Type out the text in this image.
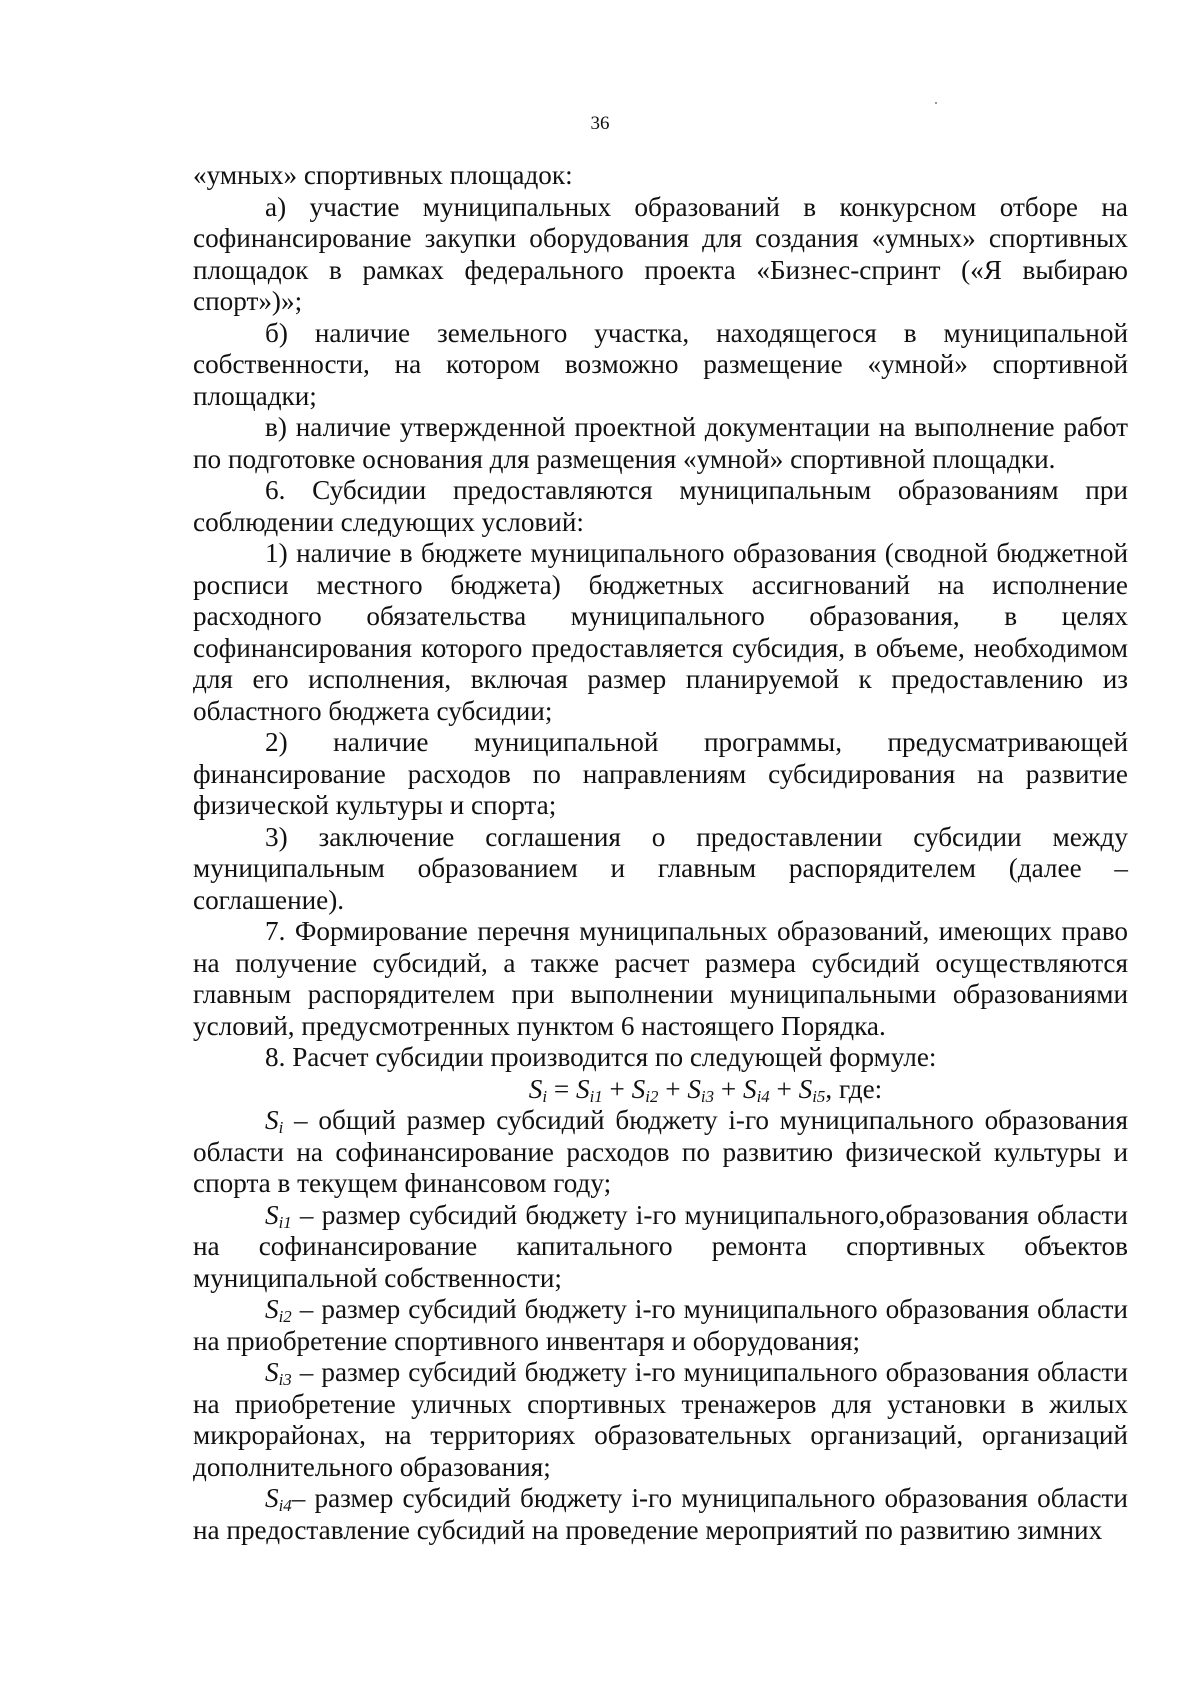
36

«умных» спортивных площадок:

а) участие муниципальных образований в конкурсном отборе на софинансирование закупки оборудования для создания «умных» спортивных площадок в рамках федерального проекта «Бизнес-спринт («Я выбираю спорт»)»;

б) наличие земельного участка, находящегося в муниципальной собственности, на котором возможно размещение «умной» спортивной площадки;

в) наличие утвержденной проектной документации на выполнение работ по подготовке основания для размещения «умной» спортивной площадки.

6. Субсидии предоставляются муниципальным образованиям при соблюдении следующих условий:

1) наличие в бюджете муниципального образования (сводной бюджетной росписи местного бюджета) бюджетных ассигнований на исполнение расходного обязательства муниципального образования, в целях софинансирования которого предоставляется субсидия, в объеме, необходимом для его исполнения, включая размер планируемой к предоставлению из областного бюджета субсидии;

2) наличие муниципальной программы, предусматривающей финансирование расходов по направлениям субсидирования на развитие физической культуры и спорта;

3) заключение соглашения о предоставлении субсидии между муниципальным образованием и главным распорядителем (далее – соглашение).

7. Формирование перечня муниципальных образований, имеющих право на получение субсидий, а также расчет размера субсидий осуществляются главным распорядителем при выполнении муниципальными образованиями условий, предусмотренных пунктом 6 настоящего Порядка.

8. Расчет субсидии производится по следующей формуле:

$S_i = S_{i1} + S_{i2} + S_{i3} + S_{i4} + S_{i5}$, где:

$S_i$ – общий размер субсидий бюджету i-го муниципального образования области на софинансирование расходов по развитию физической культуры и спорта в текущем финансовом году;

$S_{i1}$ – размер субсидий бюджету i-го муниципального,образования области на софинансирование капитального ремонта спортивных объектов муниципальной собственности;

$S_{i2}$ – размер субсидий бюджету i-го муниципального образования области на приобретение спортивного инвентаря и оборудования;

$S_{i3}$ – размер субсидий бюджету i-го муниципального образования области на приобретение уличных спортивных тренажеров для установки в жилых микрорайонах, на территориях образовательных организаций, организаций дополнительного образования;

$S_{i4}-$ размер субсидий бюджету i-го муниципального образования области на предоставление субсидий на проведение мероприятий по развитию зимних
